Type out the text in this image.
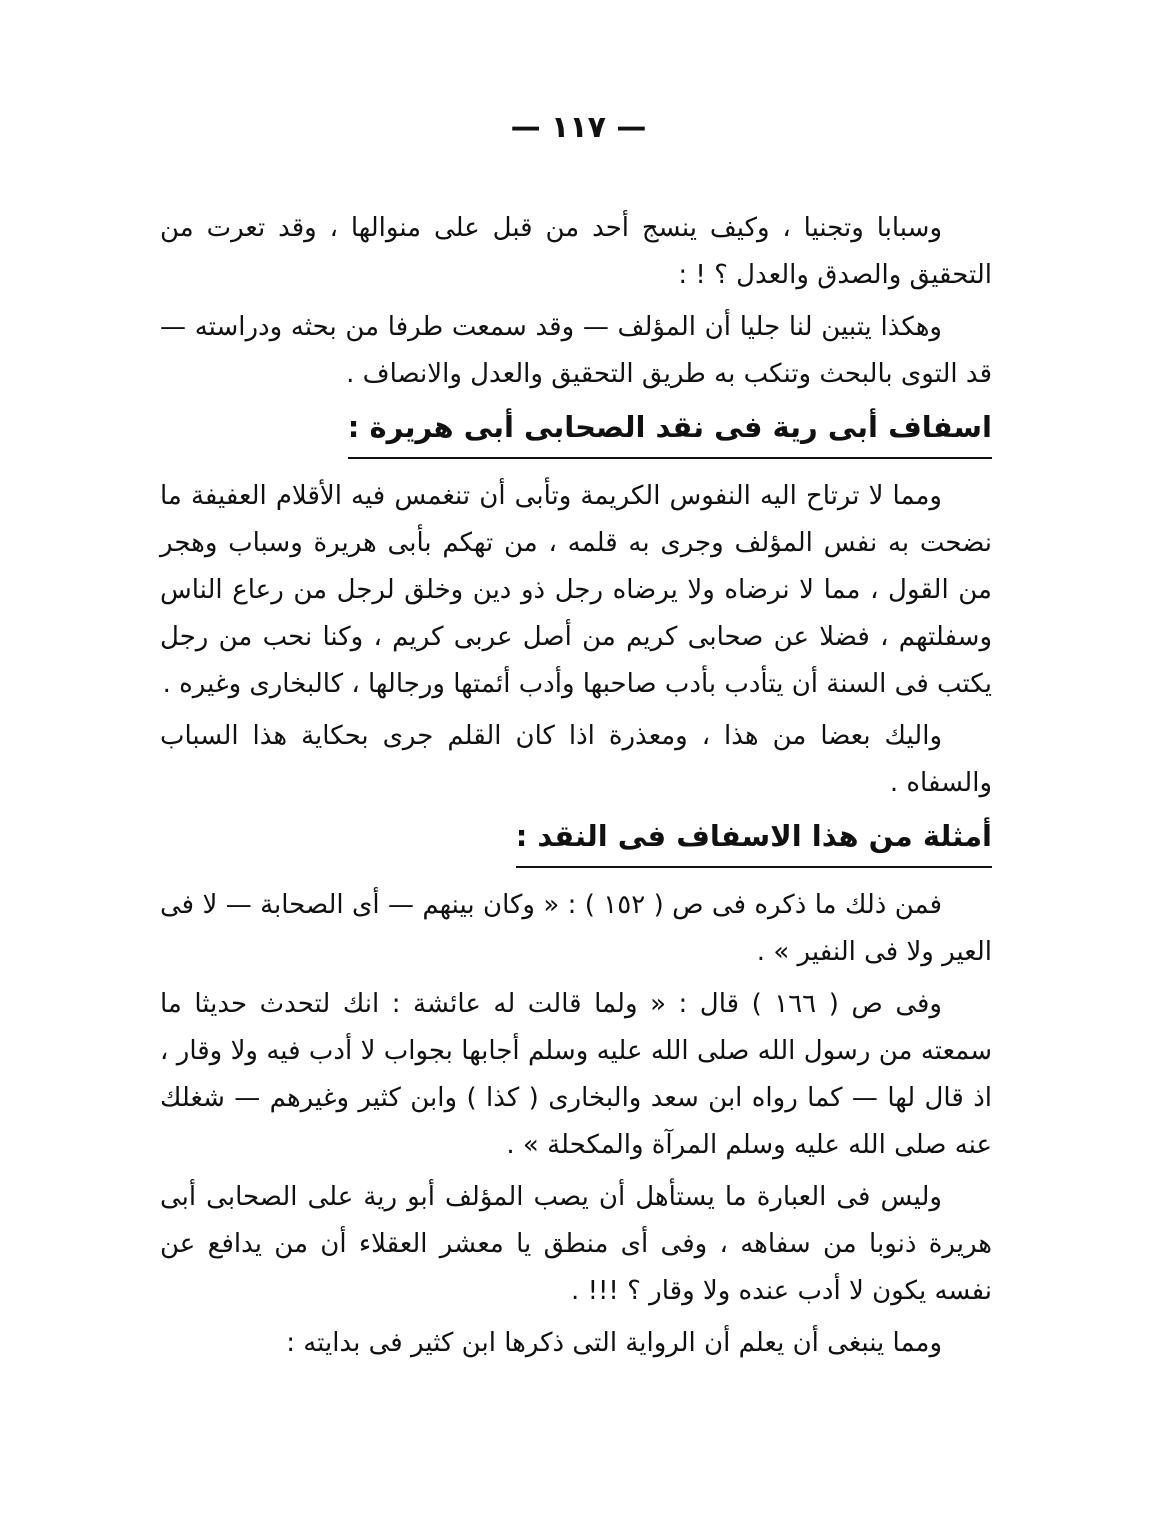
— ١١٧ —

وسبابا وتجنيا ، وكيف ينسج أحد من قبل على منوالها ، وقد تعرت من التحقيق والصدق والعدل ؟ ! :

وهكذا يتبين لنا جليا أن المؤلف — وقد سمعت طرفا من بحثه ودراسته — قد التوى بالبحث وتنكب به طريق التحقيق والعدل والانصاف .

اسفاف أبى رية فى نقد الصحابى أبى هريرة :

ومما لا ترتاح اليه النفوس الكريمة وتأبى أن تنغمس فيه الأقلام العفيفة ما نضحت به نفس المؤلف وجرى به قلمه ، من تهكم بأبى هريرة وسباب وهجر من القول ، مما لا نرضاه ولا يرضاه رجل ذو دين وخلق لرجل من رعاع الناس وسفلتهم ، فضلا عن صحابى كريم من أصل عربى كريم ، وكنا نحب من رجل يكتب فى السنة أن يتأدب بأدب صاحبها وأدب أئمتها ورجالها ، كالبخارى وغيره .

واليك بعضا من هذا ، ومعذرة اذا كان القلم جرى بحكاية هذا السباب والسفاه .

أمثلة من هذا الاسفاف فى النقد :

فمن ذلك ما ذكره فى ص ( ١٥٢ ) : « وكان بينهم — أى الصحابة — لا فى العير ولا فى النفير » .

وفى ص ( ١٦٦ ) قال : « ولما قالت له عائشة : انك لتحدث حديثا ما سمعته من رسول الله صلى الله عليه وسلم أجابها بجواب لا أدب فيه ولا وقار ، اذ قال لها — كما رواه ابن سعد والبخارى ( كذا ) وابن كثير وغيرهم — شغلك عنه صلى الله عليه وسلم المرآة والمكحلة » .

وليس فى العبارة ما يستأهل أن يصب المؤلف أبو رية على الصحابى أبى هريرة ذنوبا من سفاهه ، وفى أى منطق يا معشر العقلاء أن من يدافع عن نفسه يكون لا أدب عنده ولا وقار ؟ !!! .

ومما ينبغى أن يعلم أن الرواية التى ذكرها ابن كثير فى بدايته :
